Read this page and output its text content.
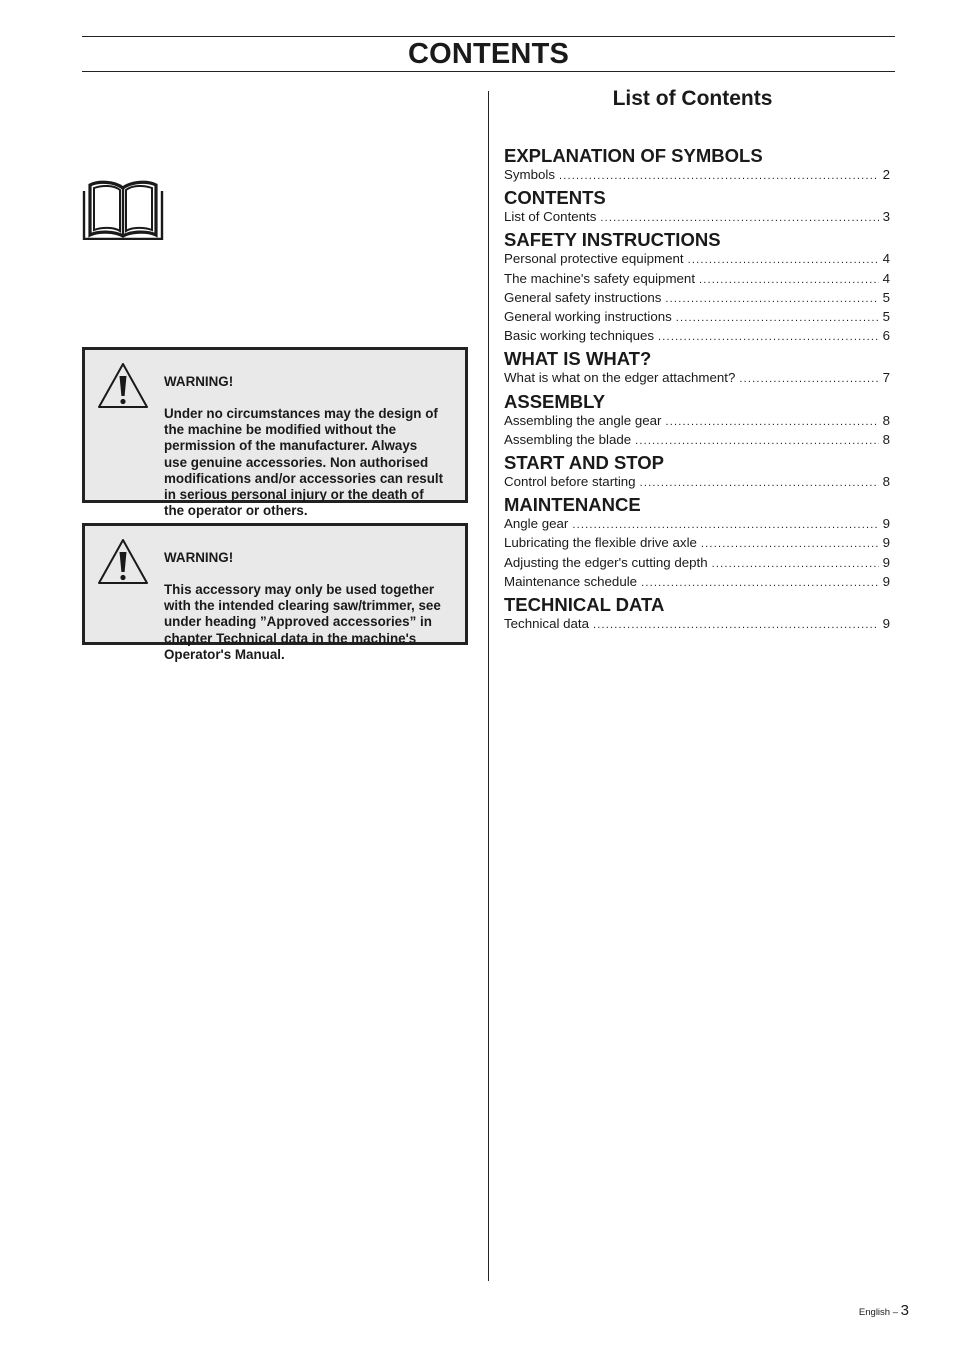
CONTENTS

WARNING!

Under no circumstances may the design of
the machine be modified without the
permission of the manufacturer. Always
use genuine accessories. Non authorised
modifications and/or accessories can result
in serious personal injury or the death of
the operator or others.

WARNING!

This accessory may only be used together
with the intended clearing saw/trimmer, see
under heading ”Approved accessories” in
chapter Technical data in the machine's
Operator's Manual.

List of Contents
EXPLANATION OF SYMBOLS
Symbols .....	2
CONTENTS
List of Contents .....	3
SAFETY INSTRUCTIONS
Personal protective equipment .....	4
The machine's safety equipment .....	4
General safety instructions .....	5
General working instructions .....	5
Basic working techniques .....	6
WHAT IS WHAT?
What is what on the edger attachment? .....	7
ASSEMBLY
Assembling the angle gear .....	8
Assembling the blade .....	8
START AND STOP
Control before starting .....	8
MAINTENANCE
Angle gear .....	9
Lubricating the flexible drive axle .....	9
Adjusting the edger's cutting depth .....	9
Maintenance schedule .....	9
TECHNICAL DATA
Technical data .....	9
English – 3
